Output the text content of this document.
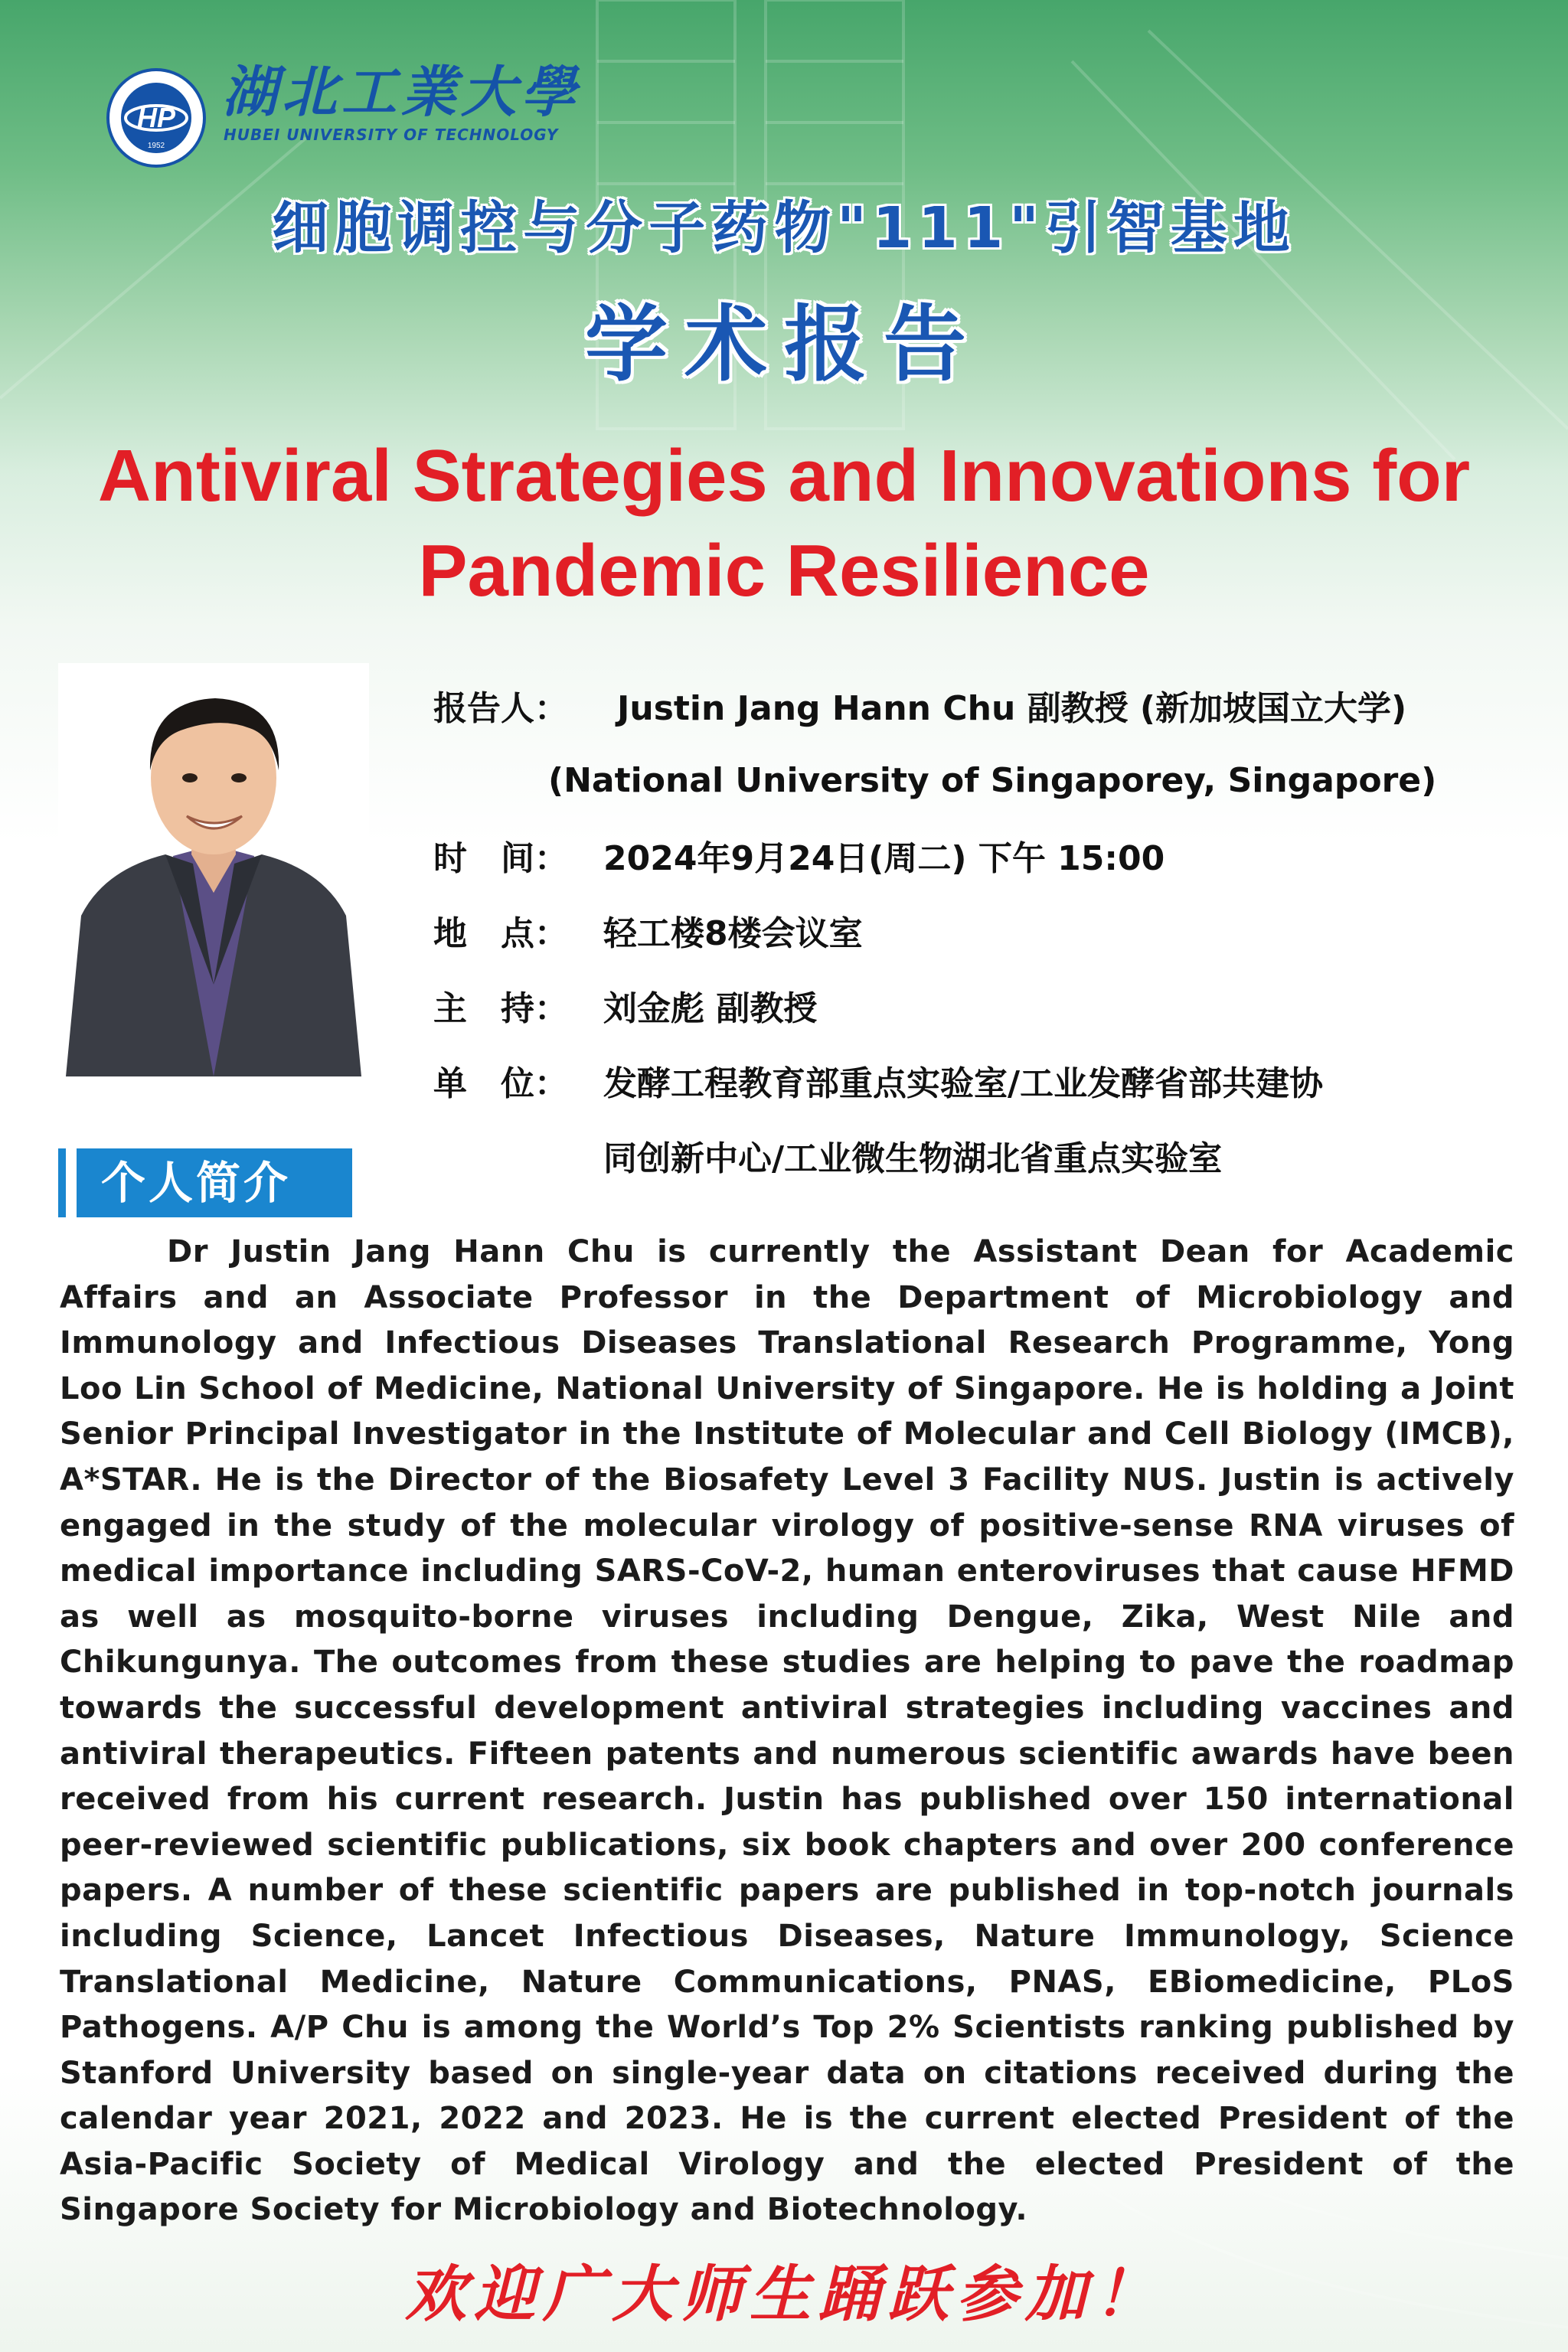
HP
1952
湖北工業大學
HUBEI UNIVERSITY OF TECHNOLOGY
细胞调控与分子药物"111"引智基地
学术报告
Antiviral Strategies and Innovations for
Pandemic Resilience
报告人：	Justin Jang Hann Chu 副教授 (新加坡国立大学)
(National University of Singaporey, Singapore)
时　间：	2024年9月24日(周二) 下午 15:00
地　点：	轻工楼8楼会议室
主　持：	刘金彪 副教授
单　位：	发酵工程教育部重点实验室/工业发酵省部共建协
同创新中心/工业微生物湖北省重点实验室
个人简介
Dr Justin Jang Hann Chu is currently the Assistant Dean for Academic Affairs and an Associate Professor in the Department of Microbiology and Immunology and Infectious Diseases Translational Research Programme, Yong Loo Lin School of Medicine, National University of Singapore. He is holding a Joint Senior Principal Investigator in the Institute of Molecular and Cell Biology (IMCB), A*STAR. He is the Director of the Biosafety Level 3 Facility NUS. Justin is actively engaged in the study of the molecular virology of positive-sense RNA viruses of medical importance including SARS-CoV-2, human enteroviruses that cause HFMD as well as mosquito-borne viruses including Dengue, Zika, West Nile and Chikungunya. The outcomes from these studies are helping to pave the roadmap towards the successful development antiviral strategies including vaccines and antiviral therapeutics. Fifteen patents and numerous scientific awards have been received from his current research. Justin has published over 150 international peer-reviewed scientific publications, six book chapters and over 200 conference papers. A number of these scientific papers are published in top-notch journals including Science, Lancet Infectious Diseases, Nature Immunology, Science Translational Medicine, Nature Communications, PNAS, EBiomedicine, PLoS Pathogens. A/P Chu is among the World’s Top 2% Scientists ranking published by Stanford University based on single-year data on citations received during the calendar year 2021, 2022 and 2023. He is the current elected President of the Asia-Pacific Society of Medical Virology and the elected President of the Singapore Society for Microbiology and Biotechnology.
欢迎广大师生踊跃参加！
